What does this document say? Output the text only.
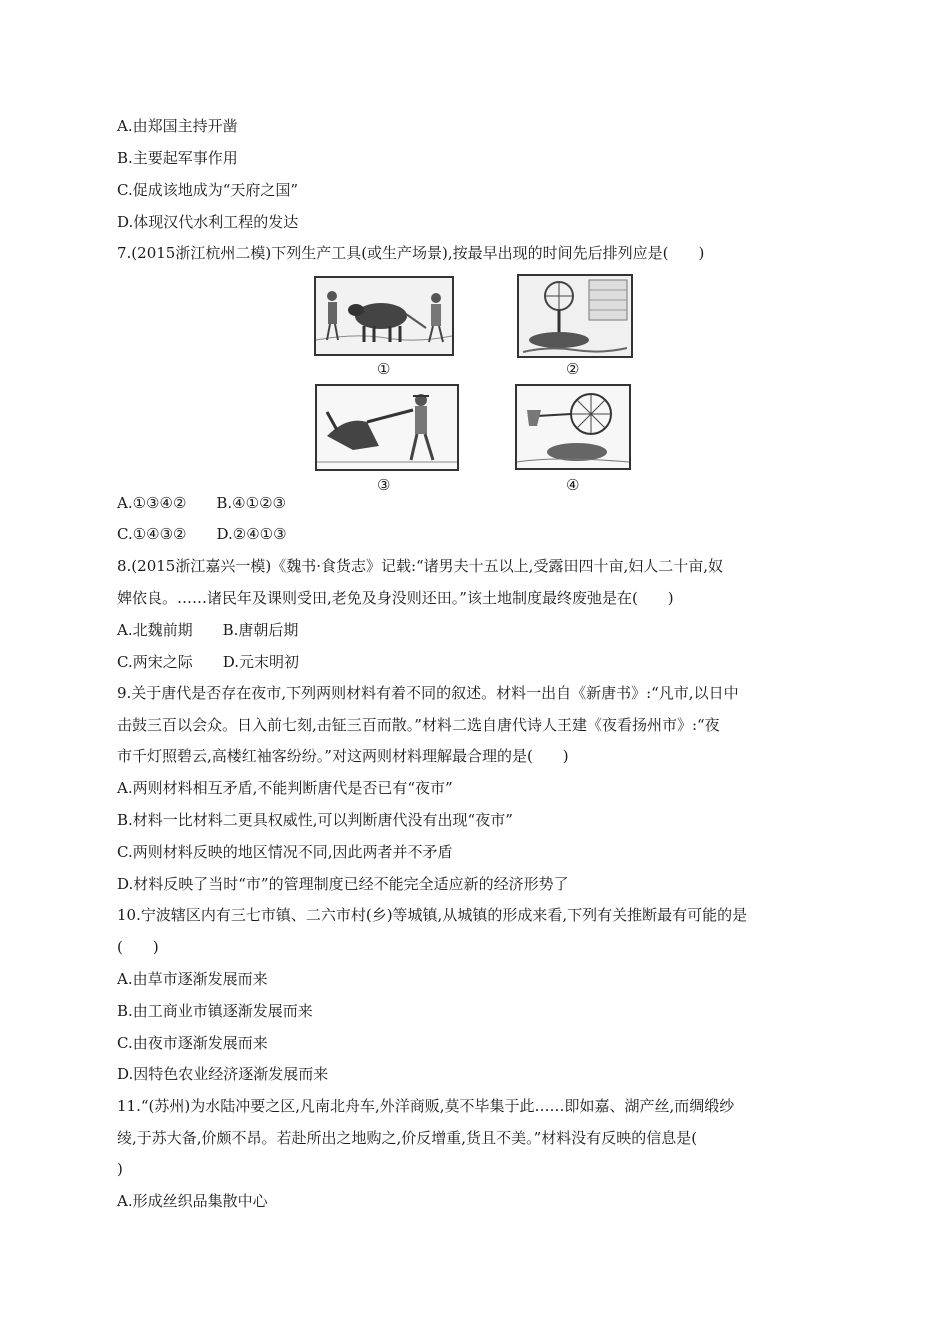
A.由郑国主持开凿
B.主要起军事作用
C.促成该地成为“天府之国”
D.体现汉代水利工程的发达
7.(2015浙江杭州二模)下列生产工具(或生产场景),按最早出现的时间先后排列应是(　　)
①	②
③	④
A.①③④②　　B.④①②③
C.①④③②　　D.②④①③
8.(2015浙江嘉兴一模)《魏书·食货志》记载:“诸男夫十五以上,受露田四十亩,妇人二十亩,奴
婢依良。……诸民年及课则受田,老免及身没则还田。”该土地制度最终废弛是在(　　)
A.北魏前期　　B.唐朝后期
C.两宋之际　　D.元末明初
9.关于唐代是否存在夜市,下列两则材料有着不同的叙述。材料一出自《新唐书》:“凡市,以日中
击鼓三百以会众。日入前七刻,击钲三百而散。”材料二选自唐代诗人王建《夜看扬州市》:“夜
市千灯照碧云,高楼红袖客纷纷。”对这两则材料理解最合理的是(　　)
A.两则材料相互矛盾,不能判断唐代是否已有“夜市”
B.材料一比材料二更具权威性,可以判断唐代没有出现“夜市”
C.两则材料反映的地区情况不同,因此两者并不矛盾
D.材料反映了当时“市”的管理制度已经不能完全适应新的经济形势了
10.宁波辖区内有三七市镇、二六市村(乡)等城镇,从城镇的形成来看,下列有关推断最有可能的是
(　　)
A.由草市逐渐发展而来
B.由工商业市镇逐渐发展而来
C.由夜市逐渐发展而来
D.因特色农业经济逐渐发展而来
11.“(苏州)为水陆冲要之区,凡南北舟车,外洋商贩,莫不毕集于此……即如嘉、湖产丝,而绸缎纱
绫,于苏大备,价颇不昂。若赴所出之地购之,价反增重,货且不美。”材料没有反映的信息是(
)
A.形成丝织品集散中心
